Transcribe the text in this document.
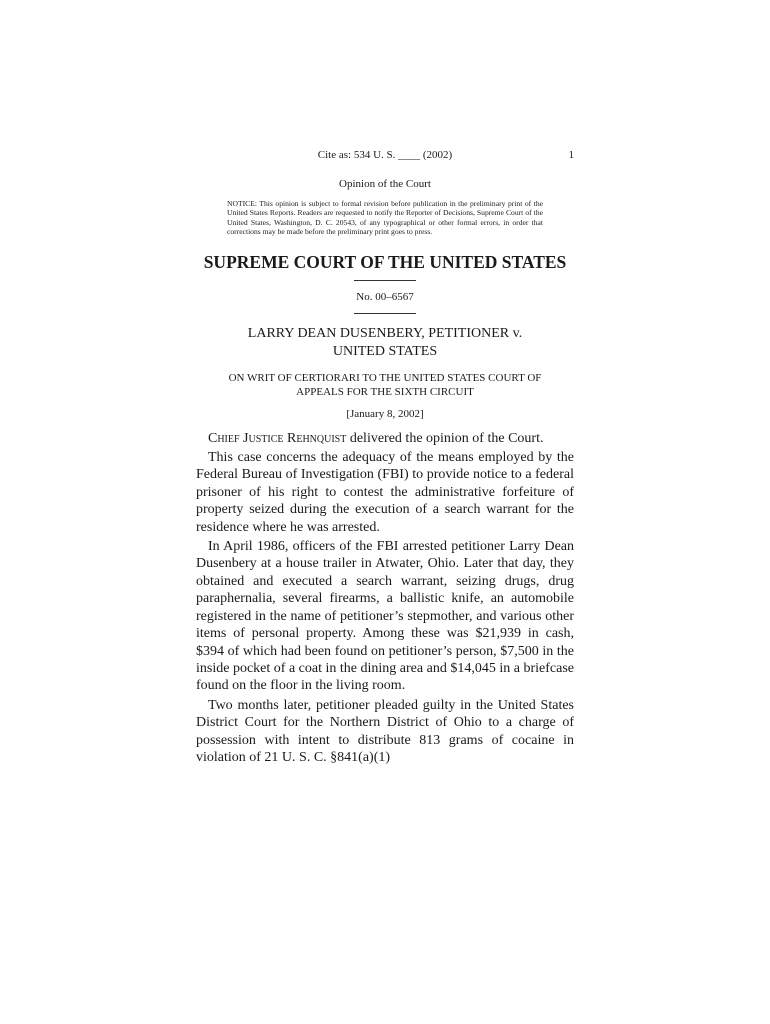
Cite as: 534 U. S. ____ (2002)	1
Opinion of the Court
NOTICE: This opinion is subject to formal revision before publication in the preliminary print of the United States Reports. Readers are requested to notify the Reporter of Decisions, Supreme Court of the United States, Washington, D. C. 20543, of any typographical or other formal errors, in order that corrections may be made before the preliminary print goes to press.
SUPREME COURT OF THE UNITED STATES
No. 00–6567
LARRY DEAN DUSENBERY, PETITIONER v.
UNITED STATES
ON WRIT OF CERTIORARI TO THE UNITED STATES COURT OF
APPEALS FOR THE SIXTH CIRCUIT
[January 8, 2002]

Chief Justice Rehnquist delivered the opinion of the Court.

This case concerns the adequacy of the means employed by the Federal Bureau of Investigation (FBI) to provide notice to a federal prisoner of his right to contest the administrative forfeiture of property seized during the execution of a search warrant for the residence where he was arrested.

In April 1986, officers of the FBI arrested petitioner Larry Dean Dusenbery at a house trailer in Atwater, Ohio. Later that day, they obtained and executed a search warrant, seizing drugs, drug paraphernalia, several firearms, a ballistic knife, an automobile registered in the name of petitioner’s stepmother, and various other items of personal property. Among these was $21,939 in cash, $394 of which had been found on petitioner’s person, $7,500 in the inside pocket of a coat in the dining area and $14,045 in a briefcase found on the floor in the living room.

Two months later, petitioner pleaded guilty in the United States District Court for the Northern District of Ohio to a charge of possession with intent to distribute 813 grams of cocaine in violation of 21 U. S. C. §841(a)(1)
